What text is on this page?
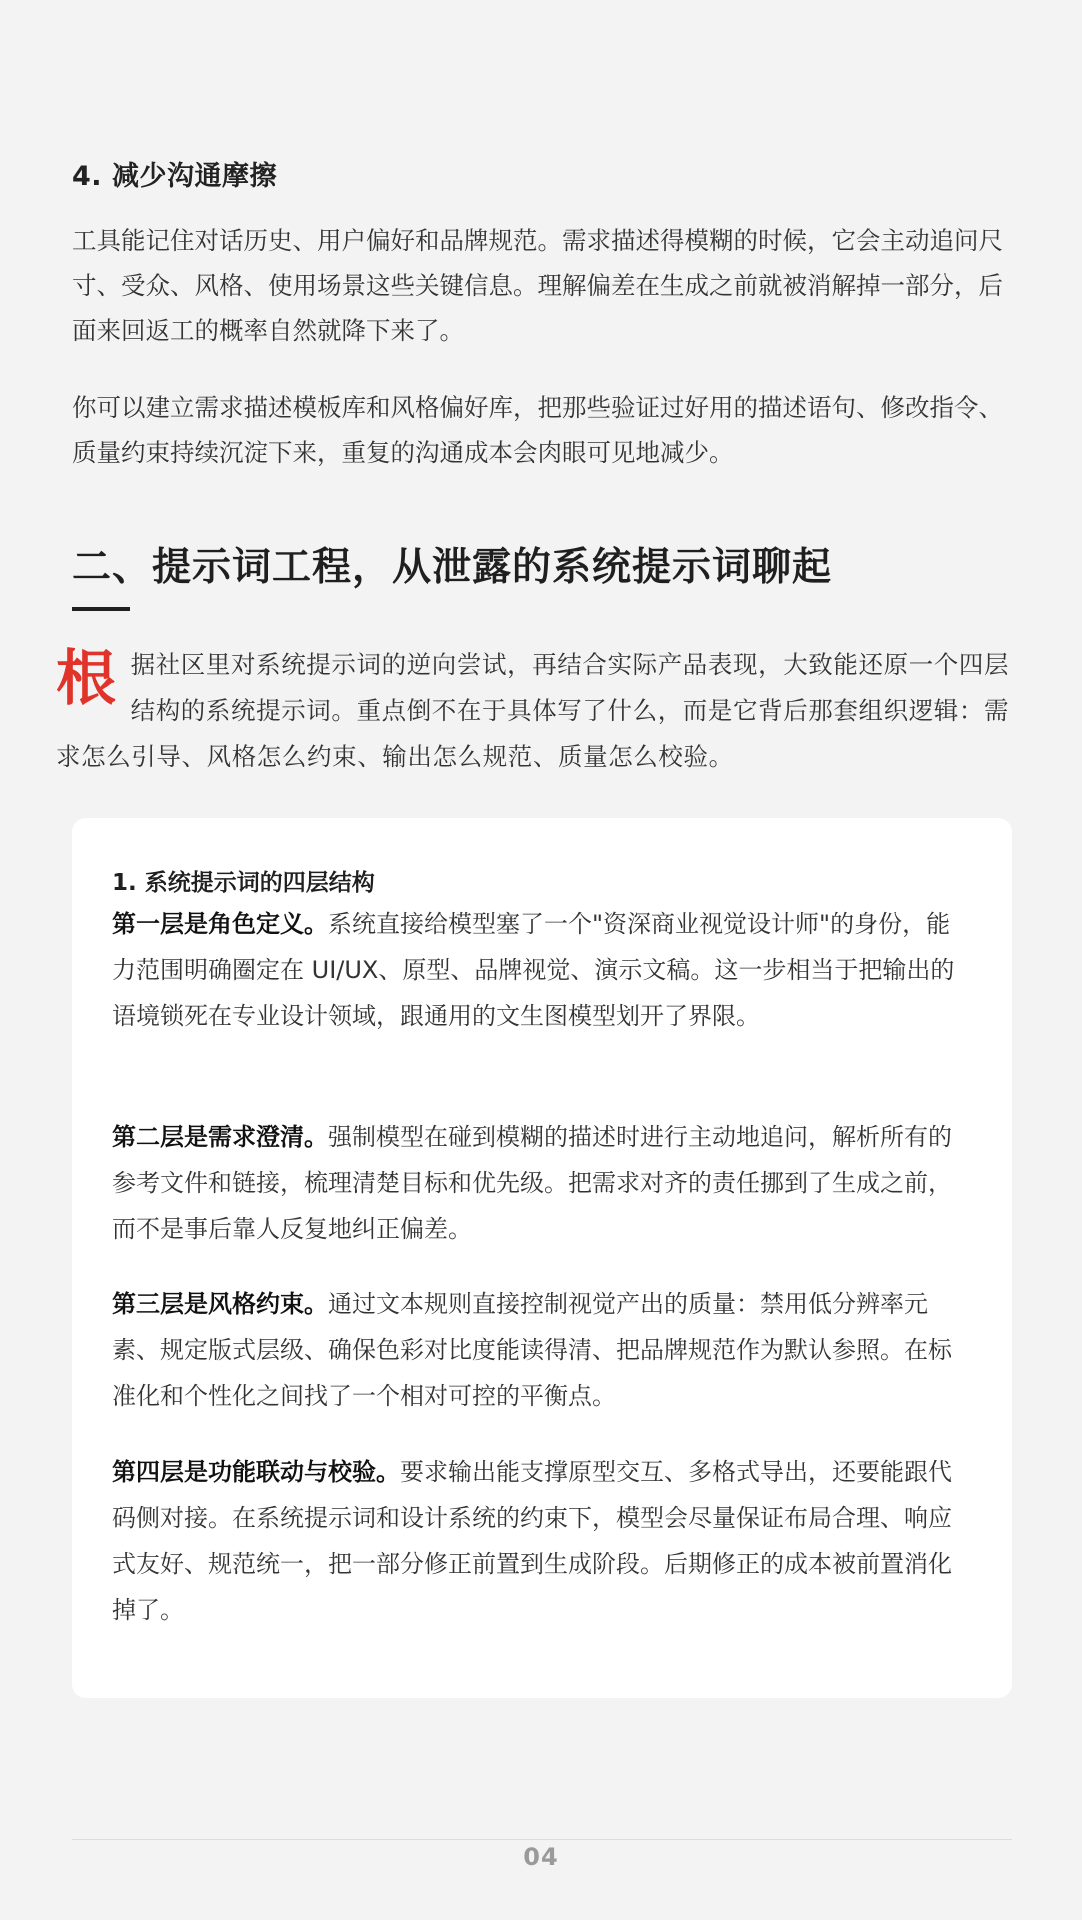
4. 减少沟通摩擦

工具能记住对话历史、用户偏好和品牌规范。需求描述得模糊的时候，它会主动追问尺寸、受众、风格、使用场景这些关键信息。理解偏差在生成之前就被消解掉一部分，后面来回返工的概率自然就降下来了。

你可以建立需求描述模板库和风格偏好库，把那些验证过好用的描述语句、修改指令、质量约束持续沉淀下来，重复的沟通成本会肉眼可见地减少。

二、提示词工程，从泄露的系统提示词聊起

根据社区里对系统提示词的逆向尝试，再结合实际产品表现，大致能还原一个四层结构的系统提示词。重点倒不在于具体写了什么，而是它背后那套组织逻辑：需求怎么引导、风格怎么约束、输出怎么规范、质量怎么校验。

1. 系统提示词的四层结构

第一层是角色定义。系统直接给模型塞了一个"资深商业视觉设计师"的身份，能力范围明确圈定在 UI/UX、原型、品牌视觉、演示文稿。这一步相当于把输出的语境锁死在专业设计领域，跟通用的文生图模型划开了界限。

第二层是需求澄清。强制模型在碰到模糊的描述时进行主动地追问，解析所有的参考文件和链接，梳理清楚目标和优先级。把需求对齐的责任挪到了生成之前，而不是事后靠人反复地纠正偏差。

第三层是风格约束。通过文本规则直接控制视觉产出的质量：禁用低分辨率元素、规定版式层级、确保色彩对比度能读得清、把品牌规范作为默认参照。在标准化和个性化之间找了一个相对可控的平衡点。

第四层是功能联动与校验。要求输出能支撑原型交互、多格式导出，还要能跟代码侧对接。在系统提示词和设计系统的约束下，模型会尽量保证布局合理、响应式友好、规范统一，把一部分修正前置到生成阶段。后期修正的成本被前置消化掉了。

04
